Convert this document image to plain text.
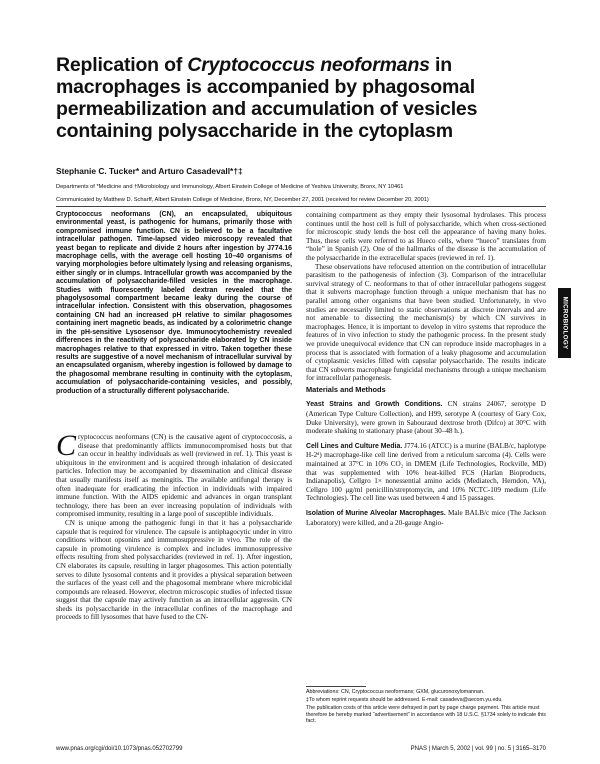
Replication of Cryptococcus neoformans in macrophages is accompanied by phagosomal permeabilization and accumulation of vesicles containing polysaccharide in the cytoplasm
Stephanie C. Tucker* and Arturo Casadevall*†‡
Departments of *Medicine and †Microbiology and Immunology, Albert Einstein College of Medicine of Yeshiva University, Bronx, NY 10461
Communicated by Matthew D. Scharff, Albert Einstein College of Medicine, Bronx, NY, December 27, 2001 (received for review December 20, 2001)
Cryptococcus neoformans (CN), an encapsulated, ubiquitous environmental yeast, is pathogenic for humans, primarily those with compromised immune function. CN is believed to be a facultative intracellular pathogen. Time-lapsed video microscopy revealed that yeast began to replicate and divide 2 hours after ingestion by J774.16 macrophage cells, with the average cell hosting 10–40 organisms of varying morphologies before ultimately lysing and releasing organisms, either singly or in clumps. Intracellular growth was accompanied by the accumulation of polysaccharide-filled vesicles in the macrophage. Studies with fluorescently labeled dextran revealed that the phagolysosomal compartment became leaky during the course of intracellular infection. Consistent with this observation, phagosomes containing CN had an increased pH relative to similar phagosomes containing inert magnetic beads, as indicated by a colorimetric change in the pH-sensitive Lysosensor dye. Immunocytochemistry revealed differences in the reactivity of polysaccharide elaborated by CN inside macrophages relative to that expressed in vitro. Taken together these results are suggestive of a novel mechanism of intracellular survival by an encapsulated organism, whereby ingestion is followed by damage to the phagosomal membrane resulting in continuity with the cytoplasm, accumulation of polysaccharide-containing vesicles, and possibly, production of a structurally different polysaccharide.

Cryptococcus neoformans (CN) is the causative agent of cryptococcosis, a disease that predominantly afflicts immunocompromised hosts but that can occur in healthy individuals as well (reviewed in ref. 1). This yeast is ubiquitous in the environment and is acquired through inhalation of desiccated particles. Infection may be accompanied by dissemination and clinical disease that usually manifests itself as meningitis. The available antifungal therapy is often inadequate for eradicating the infection in individuals with impaired immune function. With the AIDS epidemic and advances in organ transplant technology, there has been an ever increasing population of individuals with compromised immunity, resulting in a large pool of susceptible individuals.

CN is unique among the pathogenic fungi in that it has a polysaccharide capsule that is required for virulence. The capsule is antiphagocytic under in vitro conditions without opsonins and immunosuppressive in vivo. The role of the capsule in promoting virulence is complex and includes immunosuppressive effects resulting from shed polysaccharides (reviewed in ref. 1). After ingestion, CN elaborates its capsule, resulting in larger phagosomes. This action potentially serves to dilute lysosomal contents and it provides a physical separation between the surfaces of the yeast cell and the phagosomal membrane where microbicidal compounds are released. However, electron microscopic studies of infected tissue suggest that the capsule may actively function as an intracellular aggressin. CN sheds its polysaccharide in the intracellular confines of the macrophage and proceeds to fill lysosomes that have fused to the CN-

containing compartment as they empty their lysosomal hydrolases. This process continues until the host cell is full of polysaccharide, which when cross-sectioned for microscopic study lends the host cell the appearance of having many holes. Thus, these cells were referred to as Hueco cells, where “hueco” translates from “hole” in Spanish (2). One of the hallmarks of the disease is the accumulation of the polysaccharide in the extracellular spaces (reviewed in ref. 1).

These observations have refocused attention on the contribution of intracellular parasitism to the pathogenesis of infection (3). Comparison of the intracellular survival strategy of C. neoformans to that of other intracellular pathogens suggest that it subverts macrophage function through a unique mechanism that has no parallel among other organisms that have been studied. Unfortunately, in vivo studies are necessarily limited to static observations at discrete intervals and are not amenable to dissecting the mechanism(s) by which CN survives in macrophages. Hence, it is important to develop in vitro systems that reproduce the features of in vivo infection to study the pathogenic process. In the present study we provide unequivocal evidence that CN can reproduce inside macrophages in a process that is associated with formation of a leaky phagosome and accumulation of cytoplasmic vesicles filled with capsular polysaccharide. The results indicate that CN subverts macrophage fungicidal mechanisms through a unique mechanism for intracellular pathogenesis.

Materials and Methods

Yeast Strains and Growth Conditions. CN strains 24067, serotype D (American Type Culture Collection), and H99, serotype A (courtesy of Gary Cox, Duke University), were grown in Sabouraud dextrose broth (Difco) at 30°C with moderate shaking to stationary phase (about 30–48 h.).

Cell Lines and Culture Media. J774.16 (ATCC) is a murine (BALB/c, haplotype H-2ᵈ) macrophage-like cell line derived from a reticulum sarcoma (4). Cells were maintained at 37°C in 10% CO₂ in DMEM (Life Technologies, Rockville, MD) that was supplemented with 10% heat-killed FCS (Harlan Bioproducts, Indianapolis), Cellgro 1× nonessential amino acids (Mediatech, Herndon, VA), Cellgro 100 μg/ml penicillin/streptomycin, and 10% NCTC-109 medium (Life Technologies). The cell line was used between 4 and 15 passages.

Isolation of Murine Alveolar Macrophages. Male BALB/c mice (The Jackson Laboratory) were killed, and a 20-gauge Angio-

Abbreviations: CN, Cryptococcus neoformans; GXM, glucuronoxylomannan.
‡To whom reprint requests should be addressed. E-mail: casadeva@aecom.yu.edu.
The publication costs of this article were defrayed in part by page charge payment. This article must therefore be hereby marked “advertisement” in accordance with 18 U.S.C. §1734 solely to indicate this fact.
www.pnas.org/cgi/doi/10.1073/pnas.052702799	PNAS | March 5, 2002 | vol. 99 | no. 5 | 3165–3170
MICROBIOLOGY
